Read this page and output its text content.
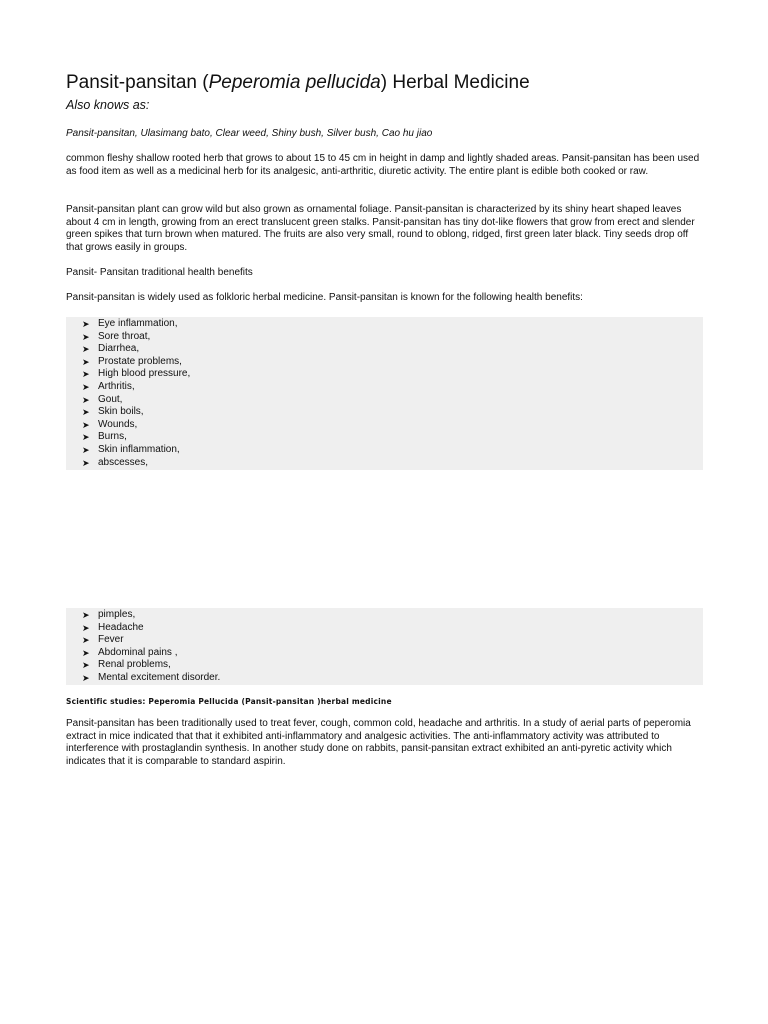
Pansit-pansitan (Peperomia pellucida) Herbal Medicine
Also knows as:
Pansit-pansitan, Ulasimang bato, Clear weed, Shiny bush, Silver bush, Cao hu jiao

common fleshy shallow rooted herb that grows to about 15 to 45 cm in height in damp and lightly shaded areas. Pansit-pansitan has been used as food item as well as a medicinal herb for its analgesic, anti-arthritic, diuretic activity. The entire plant is edible both cooked or raw.

Pansit-pansitan plant can grow wild but also grown as ornamental foliage. Pansit-pansitan is characterized by its shiny heart shaped leaves about 4 cm in length, growing from an erect translucent green stalks. Pansit-pansitan has tiny dot-like flowers that grow from erect and slender green spikes that turn brown when matured. The fruits are also very small, round to oblong, ridged, first green later black. Tiny seeds drop off that grows easily in groups.

Pansit- Pansitan traditional health benefits

Pansit-pansitan is widely used as folkloric herbal medicine. Pansit-pansitan is known for the following health benefits:

➤ Eye inflammation,
➤ Sore throat,
➤ Diarrhea,
➤ Prostate problems,
➤ High blood pressure,
➤ Arthritis,
➤ Gout,
➤ Skin boils,
➤ Wounds,
➤ Burns,
➤ Skin inflammation,
➤ abscesses,
➤ pimples,
➤ Headache
➤ Fever
➤ Abdominal pains ,
➤ Renal problems,
➤ Mental excitement disorder.
Scientific studies: Peperomia Pellucida (Pansit-pansitan )herbal medicine

Pansit-pansitan has been traditionally used to treat fever, cough, common cold, headache and arthritis. In a study of aerial parts of peperomia extract in mice indicated that that it exhibited anti-inflammatory and analgesic activities. The anti-inflammatory activity was attributed to interference with prostaglandin synthesis. In another study done on rabbits, pansit-pansitan extract exhibited an anti-pyretic activity which indicates that it is comparable to standard aspirin.
